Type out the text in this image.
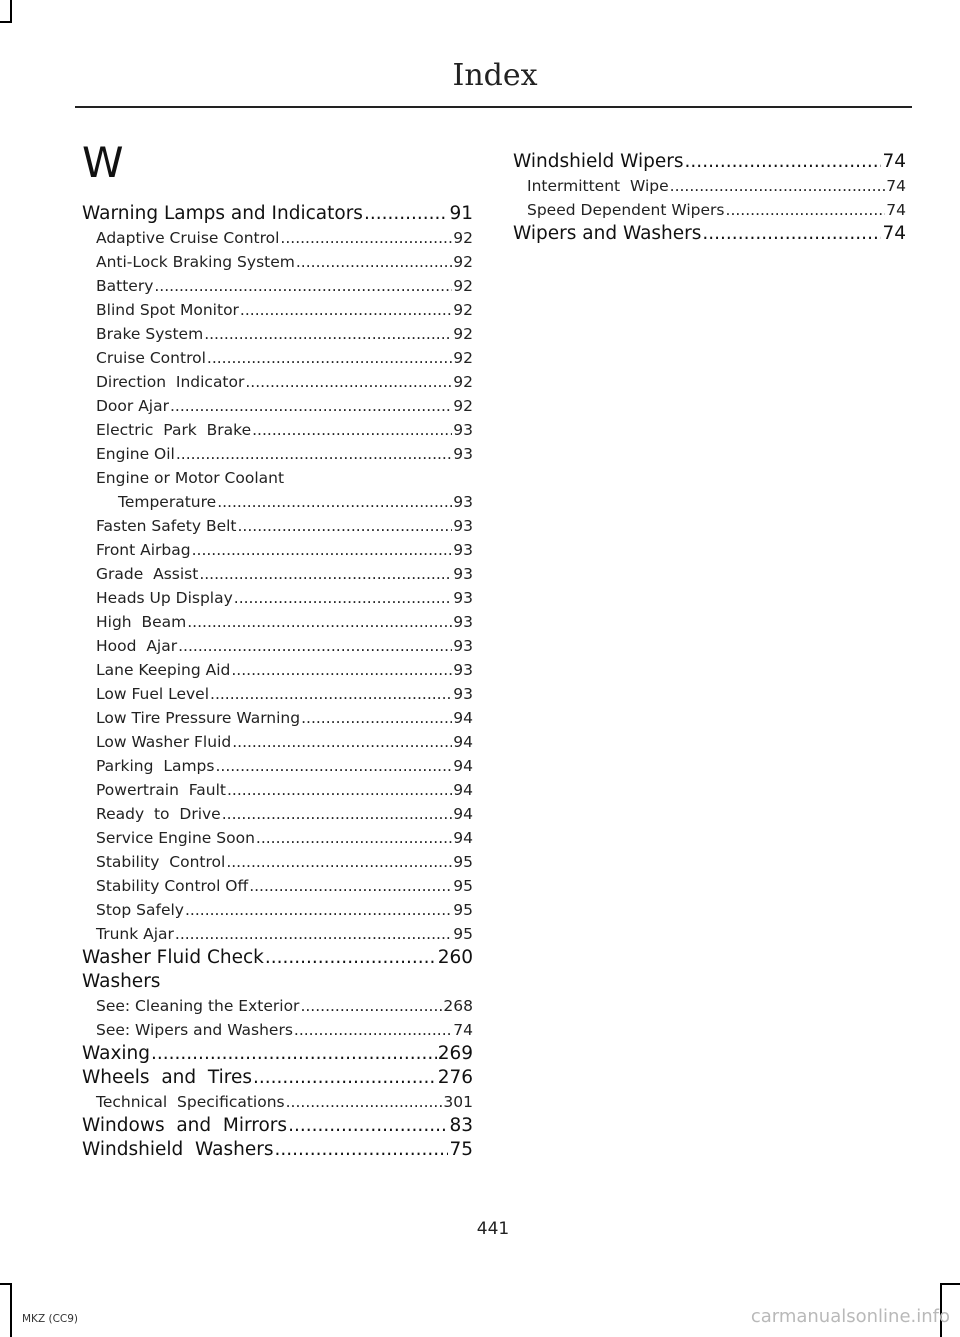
Index
W
Warning Lamps and Indicators .....	91
Adaptive Cruise Control .....	92
Anti-Lock Braking System .....	92
Battery .....	92
Blind Spot Monitor .....	92
Brake System .....	92
Cruise Control .....	92
Direction  Indicator .....	92
Door Ajar .....	92
Electric  Park  Brake .....	93
Engine Oil .....	93
Engine or Motor Coolant
Temperature .....	93
Fasten Safety Belt .....	93
Front Airbag .....	93
Grade  Assist .....	93
Heads Up Display .....	93
High  Beam .....	93
Hood  Ajar .....	93
Lane Keeping Aid .....	93
Low Fuel Level .....	93
Low Tire Pressure Warning .....	94
Low Washer Fluid .....	94
Parking  Lamps .....	94
Powertrain  Fault .....	94
Ready  to  Drive .....	94
Service Engine Soon .....	94
Stability  Control .....	95
Stability Control Off .....	95
Stop Safely .....	95
Trunk Ajar .....	95
Washer Fluid Check .....	260
Washers
See: Cleaning the Exterior .....	268
See: Wipers and Washers .....	74
Waxing .....	269
Wheels  and  Tires .....	276
Technical  Specifications .....	301
Windows  and  Mirrors .....	83
Windshield  Washers .....	75
Windshield Wipers .....	74
Intermittent  Wipe .....	74
Speed Dependent Wipers .....	74
Wipers and Washers .....	74
441
MKZ (CC9)	carmanualsonline.info
